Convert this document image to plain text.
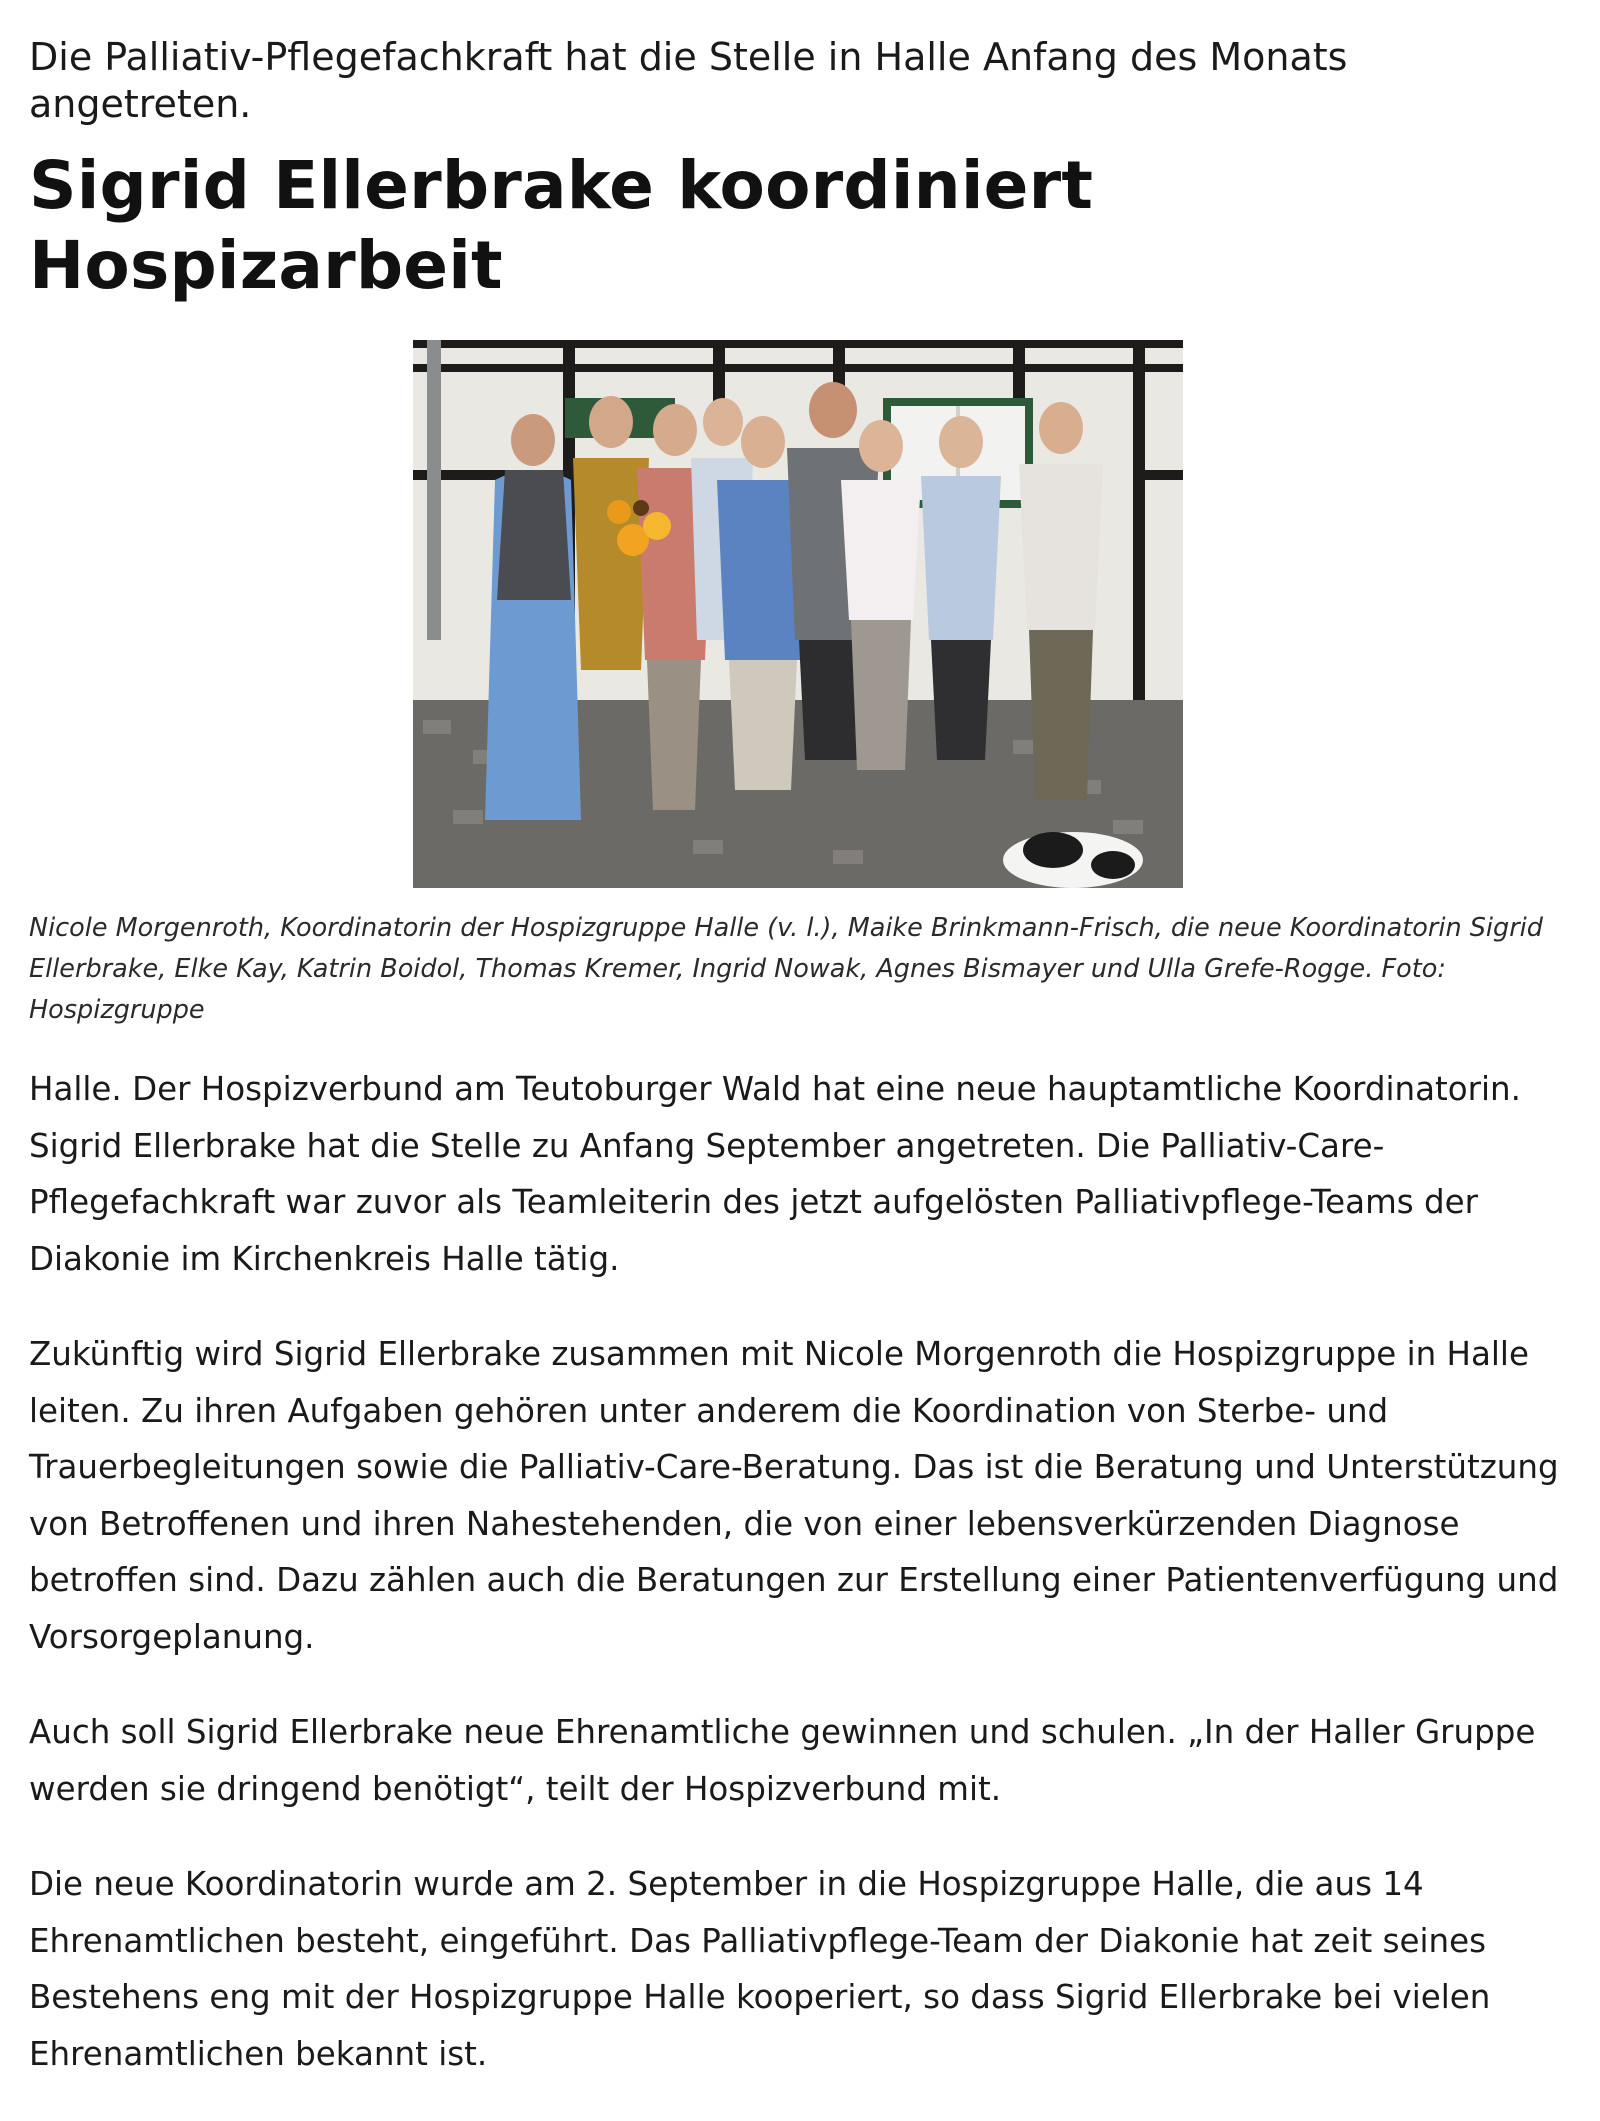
Die Palliativ-Pflegefachkraft hat die Stelle in Halle Anfang des Monats angetreten.
Sigrid Ellerbrake koordiniert Hospizarbeit

Nicole Morgenroth, Koordinatorin der Hospizgruppe Halle (v. l.), Maike Brinkmann-Frisch, die neue Koordinatorin Sigrid Ellerbrake, Elke Kay, Katrin Boidol, Thomas Kremer, Ingrid Nowak, Agnes Bismayer und Ulla Grefe-Rogge. Foto: Hospizgruppe

Halle. Der Hospizverbund am Teutoburger Wald hat eine neue hauptamtliche Koordinatorin. Sigrid Ellerbrake hat die Stelle zu Anfang September angetreten. Die Palliativ-Care-Pflegefachkraft war zuvor als Teamleiterin des jetzt aufgelösten Palliativpflege-Teams der Diakonie im Kirchenkreis Halle tätig.

Zukünftig wird Sigrid Ellerbrake zusammen mit Nicole Morgenroth die Hospizgruppe in Halle leiten. Zu ihren Aufgaben gehören unter anderem die Koordination von Sterbe- und Trauerbegleitungen sowie die Palliativ-Care-Beratung. Das ist die Beratung und Unterstützung von Betroffenen und ihren Nahestehenden, die von einer lebensverkürzenden Diagnose betroffen sind. Dazu zählen auch die Beratungen zur Erstellung einer Patientenverfügung und Vorsorgeplanung.

Auch soll Sigrid Ellerbrake neue Ehrenamtliche gewinnen und schulen. „In der Haller Gruppe werden sie dringend benötigt“, teilt der Hospizverbund mit.

Die neue Koordinatorin wurde am 2. September in die Hospizgruppe Halle, die aus 14 Ehrenamtlichen besteht, eingeführt. Das Palliativpflege-Team der Diakonie hat zeit seines Bestehens eng mit der Hospizgruppe Halle kooperiert, so dass Sigrid Ellerbrake bei vielen Ehrenamtlichen bekannt ist.
